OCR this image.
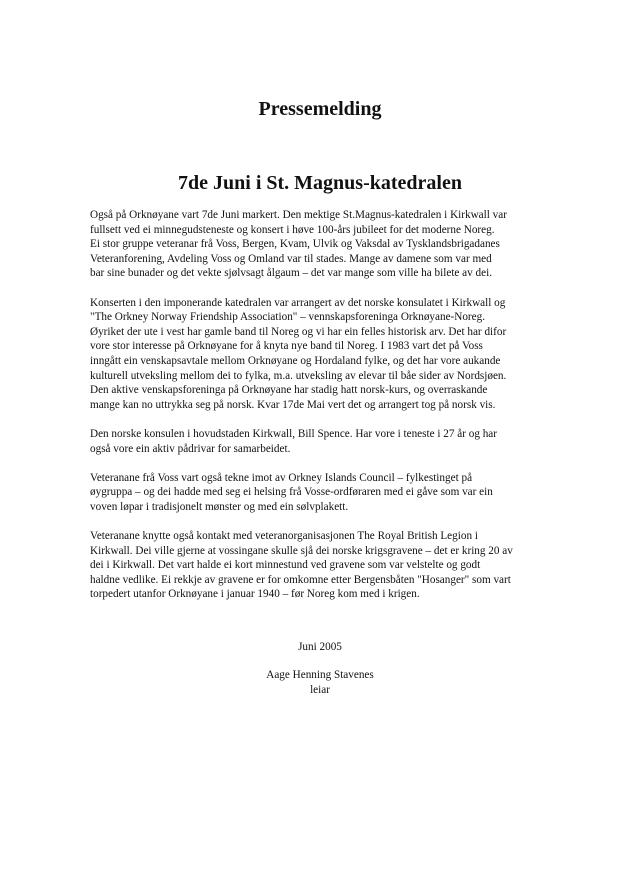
Pressemelding
7de Juni i St. Magnus-katedralen

Også på Orknøyane vart 7de Juni markert. Den mektige St.Magnus-katedralen i Kirkwall var
fullsett ved ei minnegudsteneste og konsert i høve 100-års jubileet for det moderne Noreg.
Ei stor gruppe veteranar frå Voss, Bergen, Kvam, Ulvik og Vaksdal av Tysklandsbrigadanes
Veteranforening, Avdeling Voss og Omland var til stades. Mange av damene som var med
bar sine bunader og det vekte sjølvsagt ålgaum – det var mange som ville ha bilete av dei.

Konserten i den imponerande katedralen var arrangert av det norske konsulatet i Kirkwall og
"The Orkney Norway Friendship Association" – vennskapsforeninga Orknøyane-Noreg.
Øyriket der ute i vest har gamle band til Noreg og vi har ein felles historisk arv. Det har difor
vore stor interesse på Orknøyane for å knyta nye band til Noreg. I 1983 vart det på Voss
inngått ein venskapsavtale mellom Orknøyane og Hordaland fylke, og det har vore aukande
kulturell utveksling mellom dei to fylka, m.a. utveksling av elevar til båe sider av Nordsjøen.
Den aktive venskapsforeninga på Orknøyane har stadig hatt norsk-kurs, og overraskande
mange kan no uttrykka seg på norsk. Kvar 17de Mai vert det og arrangert tog på norsk vis.

Den norske konsulen i hovudstaden Kirkwall, Bill Spence. Har vore i teneste i 27 år og har
også vore ein aktiv pådrivar for samarbeidet.

Veteranane frå Voss vart også tekne imot av Orkney Islands Council – fylkestinget på
øygruppa – og dei hadde med seg ei helsing frå Vosse-ordføraren med ei gåve som var ein
voven løpar i tradisjonelt mønster og med ein sølvplakett.

Veteranane knytte også kontakt med veteranorganisasjonen The Royal British Legion i
Kirkwall. Dei ville gjerne at vossingane skulle sjå dei norske krigsgravene – det er kring 20 av
dei i Kirkwall. Det vart halde ei kort minnestund ved gravene som var velstelte og godt
haldne vedlike. Ei rekkje av gravene er for omkomne etter Bergensbåten "Hosanger" som vart
torpedert utanfor Orknøyane i januar 1940 – før Noreg kom med i krigen.

Juni 2005
Aage Henning Stavenes
leiar
